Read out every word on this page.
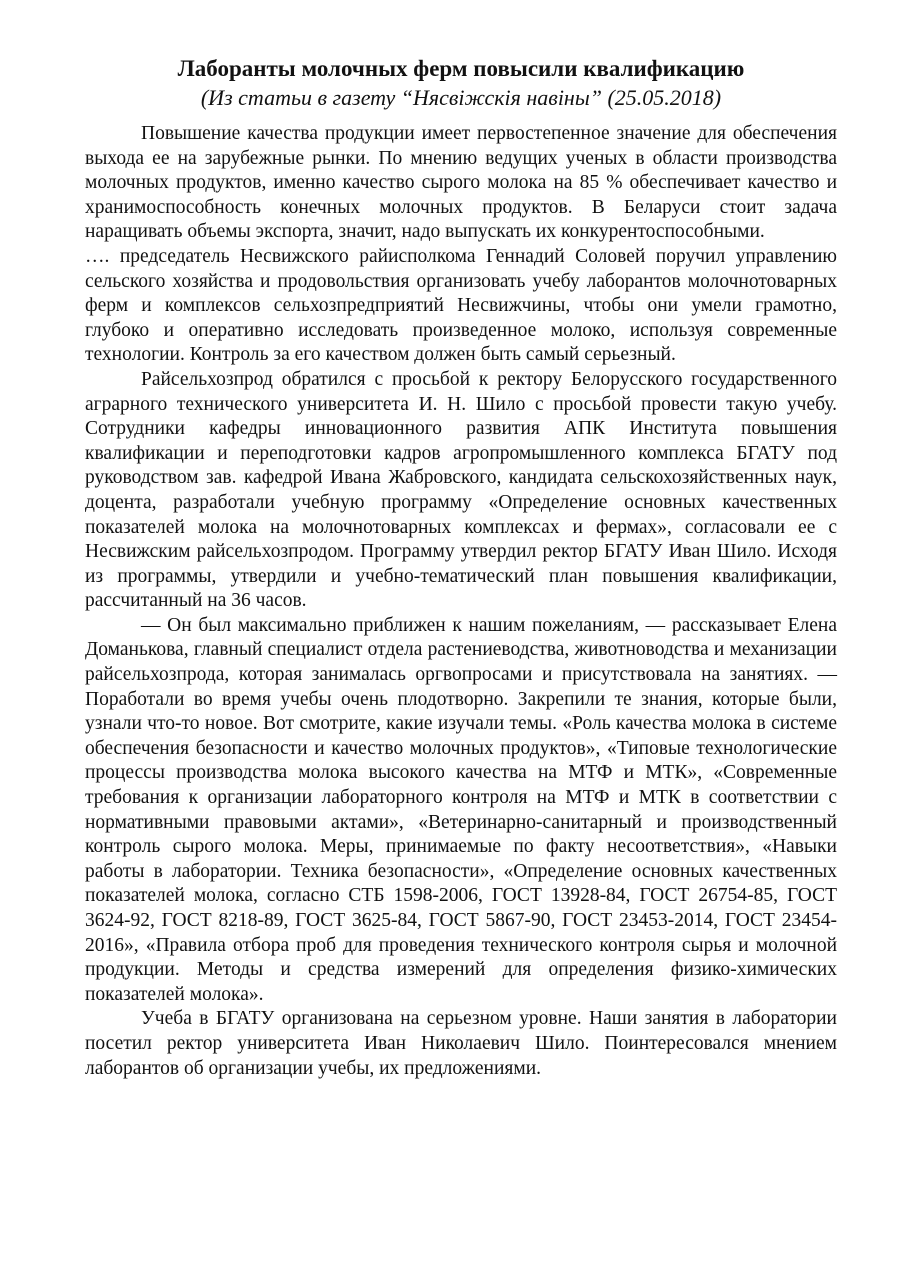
Лаборанты молочных ферм повысили квалификацию
(Из статьи в газету “Нясвіжскія навіны” (25.05.2018)

Повышение качества продукции имеет первостепенное значение для обеспечения выхода ее на зарубежные рынки. По мнению ведущих ученых в области производства молочных продуктов, именно качество сырого молока на 85 % обеспечивает качество и хранимоспособность конечных молочных продуктов. В Беларуси стоит задача наращивать объемы экспорта, значит, надо выпускать их конкурентоспособными.

…. председатель Несвижского райисполкома Геннадий Соловей поручил управлению сельского хозяйства и продовольствия организовать учебу лаборантов молочнотоварных ферм и комплексов сельхозпредприятий Несвижчины, чтобы они умели грамотно, глубоко и оперативно исследовать произведенное молоко, используя современные технологии. Контроль за его качеством должен быть самый серьезный.

Райсельхозпрод обратился с просьбой к ректору Белорусского государственного аграрного технического университета И. Н. Шило с просьбой провести такую учебу. Сотрудники кафедры инновационного развития АПК Института повышения квалификации и переподготовки кадров агропромышленного комплекса БГАТУ под руководством зав. кафедрой Ивана Жабровского, кандидата сельскохозяйственных наук, доцента, разработали учебную программу «Определение основных качественных показателей молока на молочнотоварных комплексах и фермах», согласовали ее с Несвижским райсельхозпродом. Программу утвердил ректор БГАТУ Иван Шило. Исходя из программы, утвердили и учебно-тематический план повышения квалификации, рассчитанный на 36 часов.

— Он был максимально приближен к нашим пожеланиям, — рассказывает Елена Доманькова, главный специалист отдела растениеводства, животноводства и механизации райсельхозпрода, которая занималась оргвопросами и присутствовала на занятиях. — Поработали во время учебы очень плодотворно. Закрепили те знания, которые были, узнали что-то новое. Вот смотрите, какие изучали темы. «Роль качества молока в системе обеспечения безопасности и качество молочных продуктов», «Типовые технологические процессы производства молока высокого качества на МТФ и МТК», «Современные требования к организации лабораторного контроля на МТФ и МТК в соответствии с нормативными правовыми актами», «Ветеринарно-санитарный и производственный контроль сырого молока. Меры, принимаемые по факту несоответствия», «Навыки работы в лаборатории. Техника безопасности», «Определение основных качественных показателей молока, согласно СТБ 1598-2006, ГОСТ 13928-84, ГОСТ 26754-85, ГОСТ 3624-92, ГОСТ 8218-89, ГОСТ 3625-84, ГОСТ 5867-90, ГОСТ 23453-2014, ГОСТ 23454-2016», «Правила отбора проб для проведения технического контроля сырья и молочной продукции. Методы и средства измерений для определения физико-химических показателей молока».

Учеба в БГАТУ организована на серьезном уровне. Наши занятия в лаборатории посетил ректор университета Иван Николаевич Шило. Поинтересовался мнением лаборантов об организации учебы, их предложениями.
